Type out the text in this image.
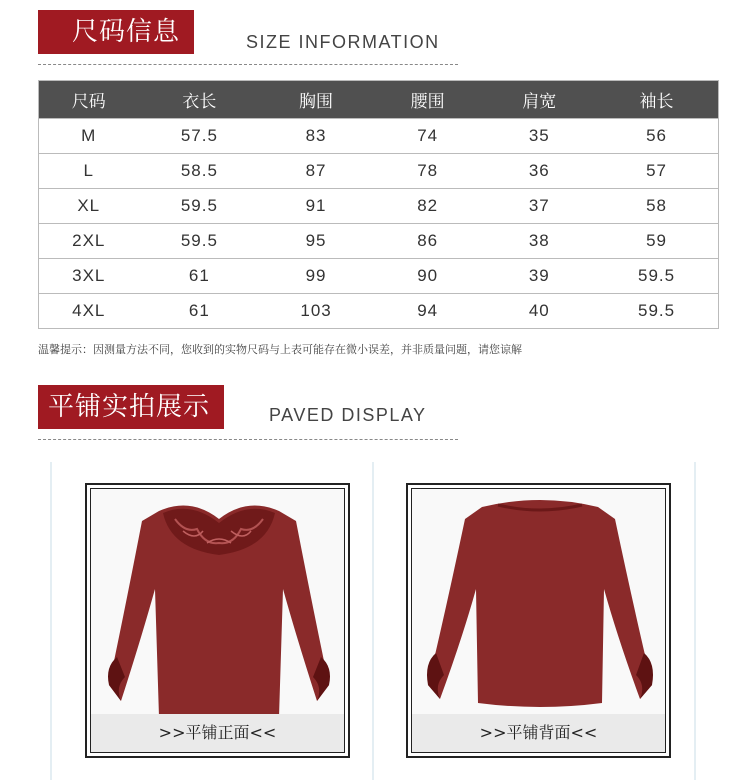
尺码信息	SIZE INFORMATION
尺码	衣长	胸围	腰围	肩宽	袖长
M	57.5	83	74	35	56
L	58.5	87	78	36	57
XL	59.5	91	82	37	58
2XL	59.5	95	86	38	59
3XL	61	99	90	39	59.5
4XL	61	103	94	40	59.5
温馨提示：因测量方法不同，您收到的实物尺码与上表可能存在微小误差，并非质量问题，请您谅解
平铺实拍展示	PAVED DISPLAY
>>平铺正面<<	>>平铺背面<<
